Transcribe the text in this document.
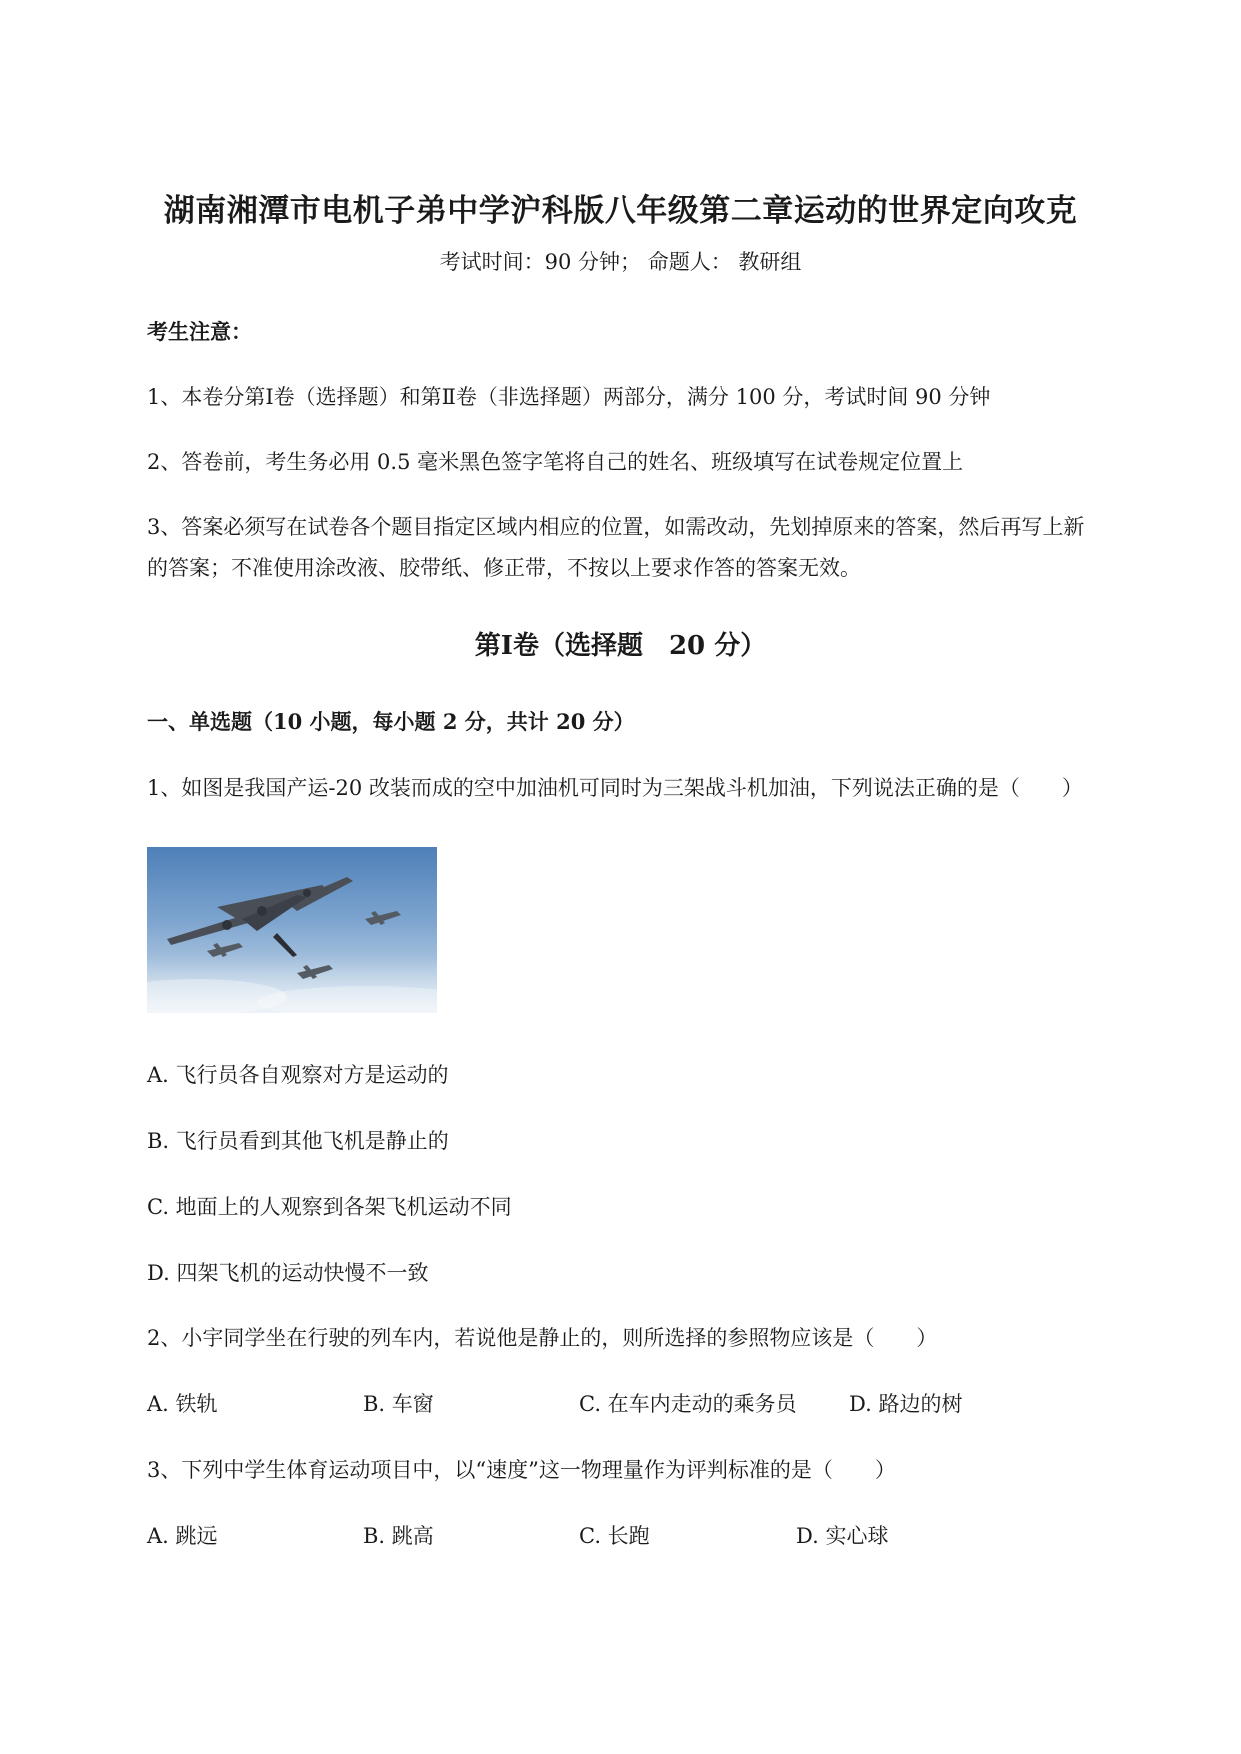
湖南湘潭市电机子弟中学沪科版八年级第二章运动的世界定向攻克
考试时间：90 分钟； 命题人： 教研组
考生注意：
1、本卷分第Ⅰ卷（选择题）和第Ⅱ卷（非选择题）两部分，满分 100 分，考试时间 90 分钟
2、答卷前，考生务必用 0.5 毫米黑色签字笔将自己的姓名、班级填写在试卷规定位置上
3、答案必须写在试卷各个题目指定区域内相应的位置，如需改动，先划掉原来的答案，然后再写上新
的答案；不准使用涂改液、胶带纸、修正带，不按以上要求作答的答案无效。
第Ⅰ卷（选择题　20 分）
一、单选题（10 小题，每小题 2 分，共计 20 分）
1、如图是我国产运-20 改装而成的空中加油机可同时为三架战斗机加油，下列说法正确的是（　　）
A. 飞行员各自观察对方是运动的
B. 飞行员看到其他飞机是静止的
C. 地面上的人观察到各架飞机运动不同
D. 四架飞机的运动快慢不一致
2、小宇同学坐在行驶的列车内，若说他是静止的，则所选择的参照物应该是（　　）
A. 铁轨	B. 车窗	C. 在车内走动的乘务员 D. 路边的树
3、下列中学生体育运动项目中，以“速度”这一物理量作为评判标准的是（　　）
A. 跳远	B. 跳高	C. 长跑	D. 实心球
